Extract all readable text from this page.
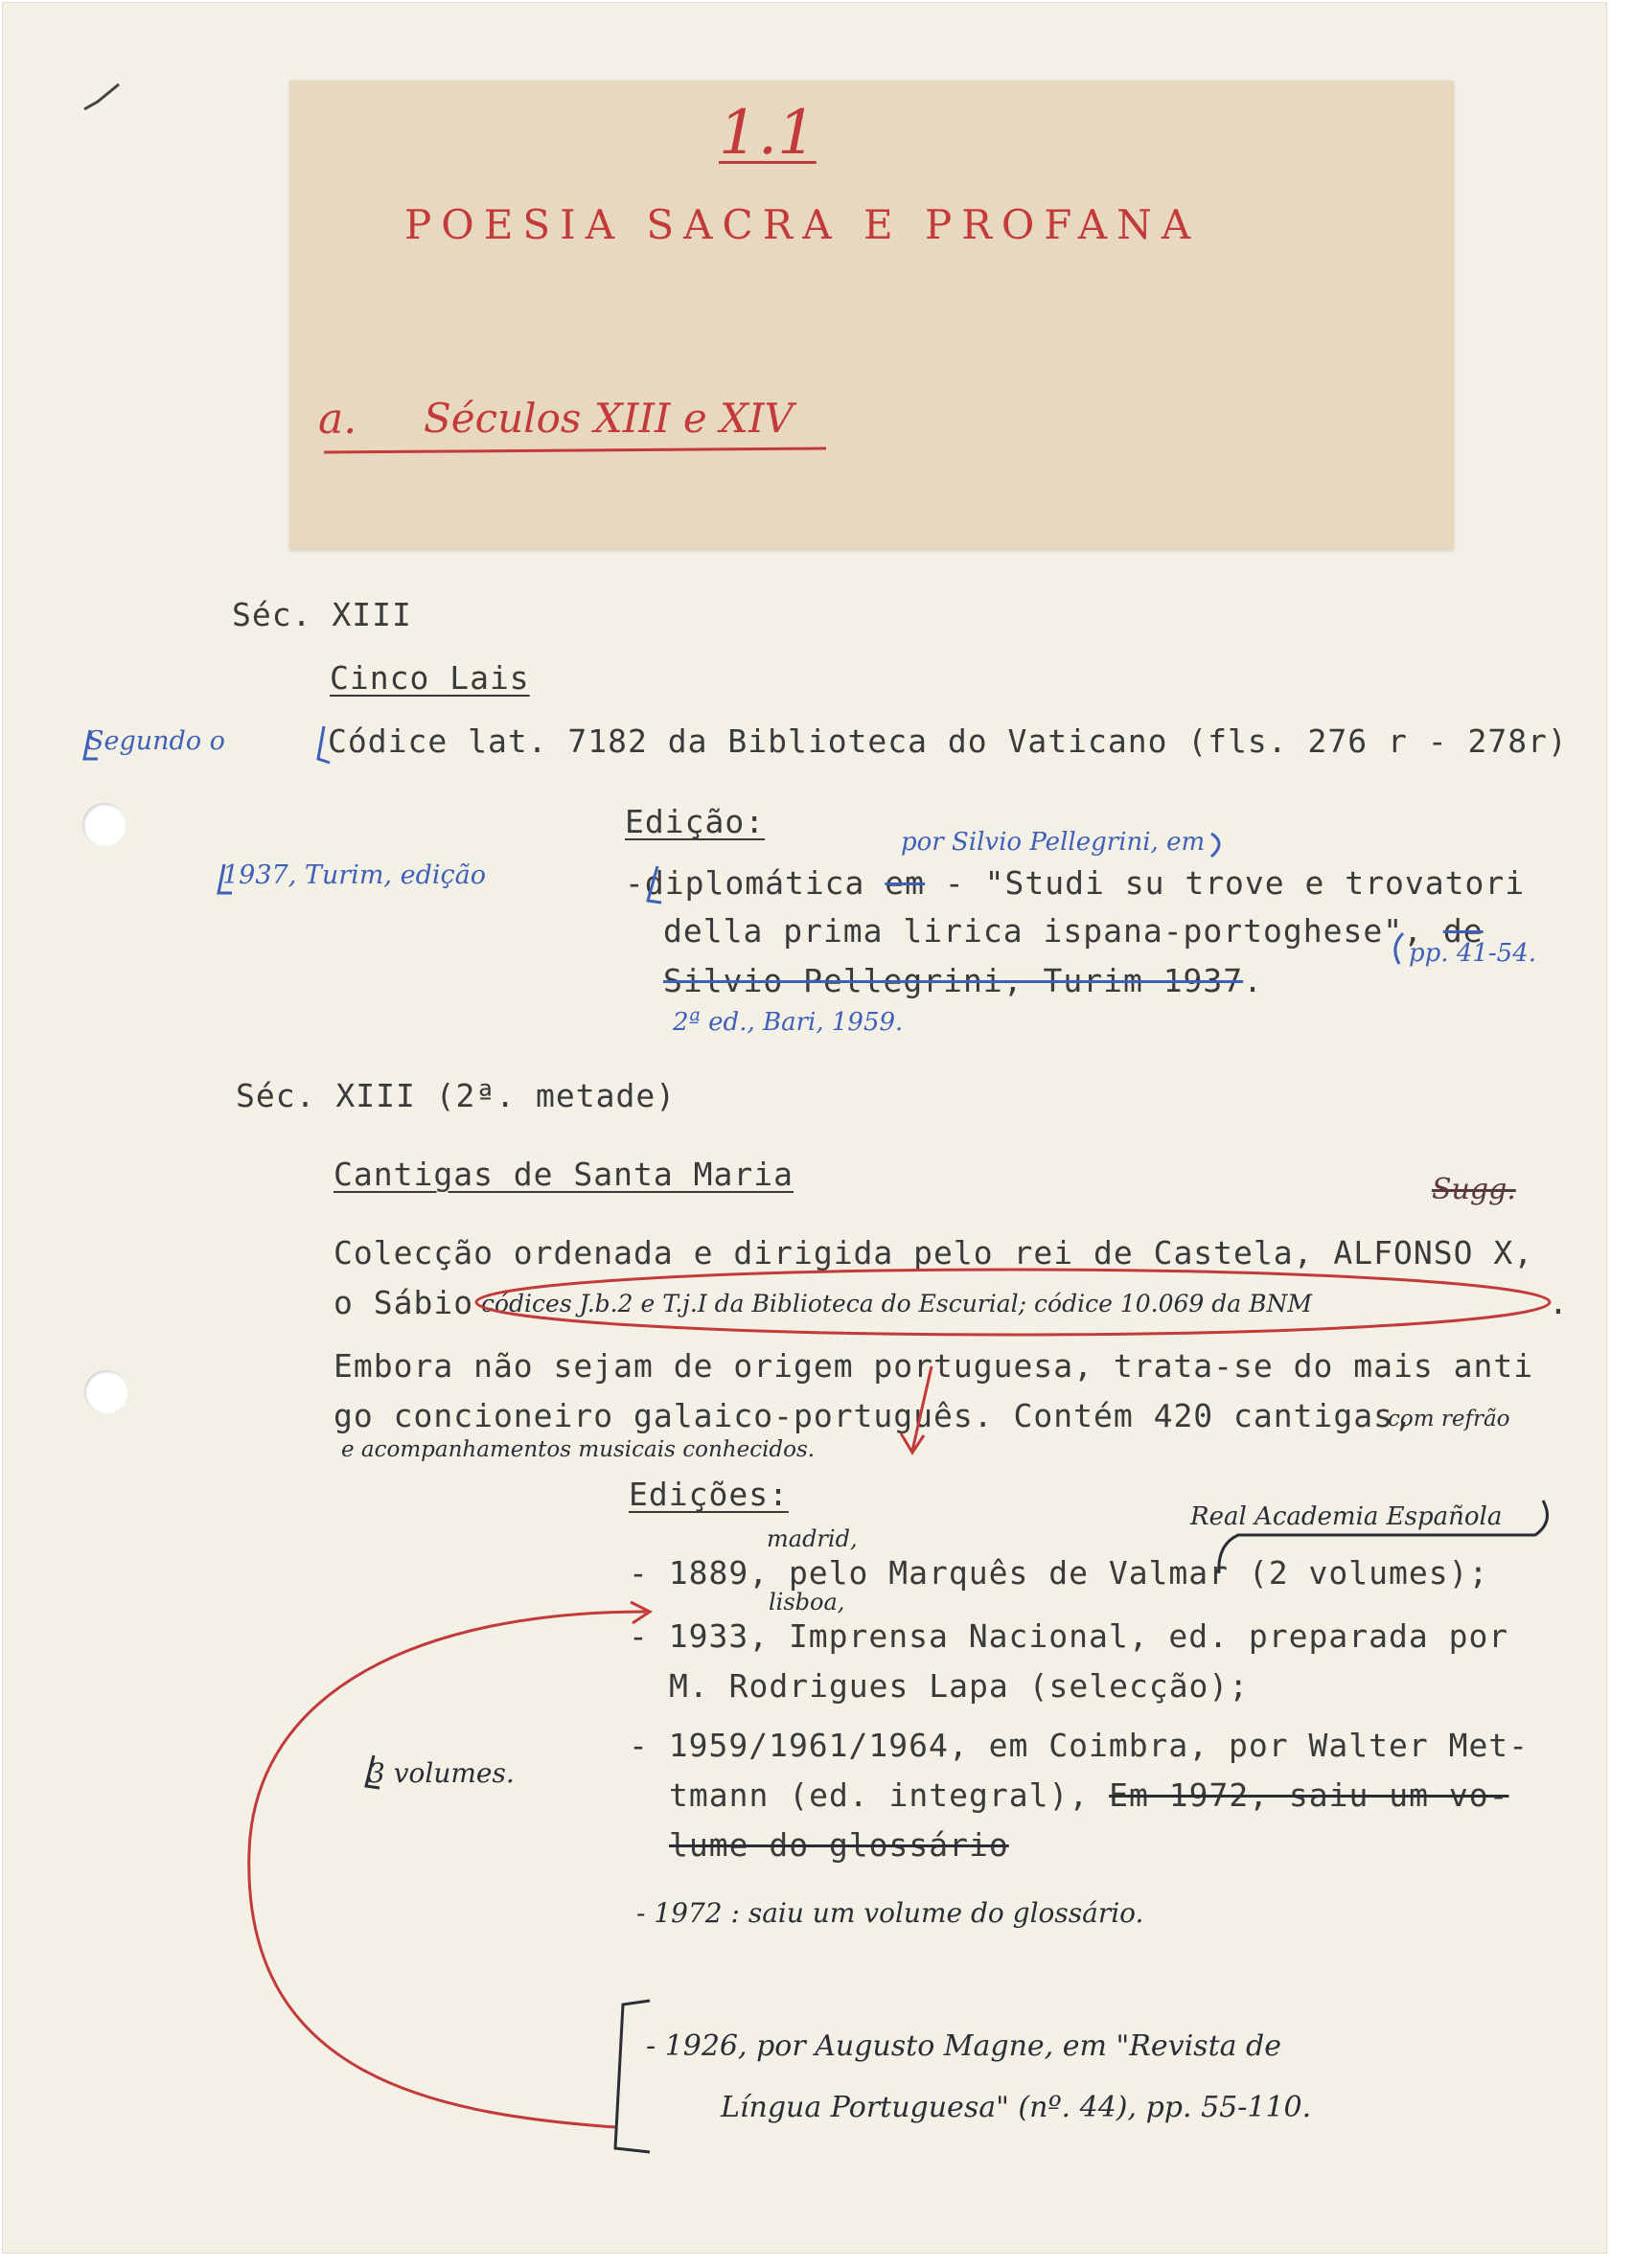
1.1
POESIA SACRA E PROFANA
a. Séculos XIII e XIV
Séc. XIII
Cinco Lais
Segundo o	Códice lat. 7182 da Biblioteca do Vaticano (fls. 276 r - 278r)
Edição:
por Silvio Pellegrini, em
1937, Turim, edição	-diplomática em - "Studi su trove e trovatori
della prima lirica ispana-portoghese", de
pp. 41-54.
Silvio Pellegrini, Turim 1937.
2ª ed., Bari, 1959.
Séc. XIII (2ª. metade)
Cantigas de Santa Maria	Sugg.
Colecção ordenada e dirigida pelo rei de Castela, ALFONSO X,
o Sábio códices J.b.2 e T.j.I da Biblioteca do Escurial; códice 10.069 da BNM	.
Embora não sejam de origem portuguesa, trata-se do mais anti
go concioneiro galaico-português. Contém 420 cantigas,
com refrão
e acompanhamentos musicais conhecidos.
Edições:
madrid,
Real Academia Española
- 1889, pelo Marquês de Valmar (2 volumes);
lisboa,
- 1933, Imprensa Nacional, ed. preparada por
M. Rodrigues Lapa (selecção);
3 volumes.
- 1959/1961/1964, em Coimbra, por Walter Met-
tmann (ed. integral), Em 1972, saiu um vo-
lume do glossário
- 1972 : saiu um volume do glossário.
- 1926, por Augusto Magne, em "Revista de
Língua Portuguesa" (nº. 44), pp. 55-110.
